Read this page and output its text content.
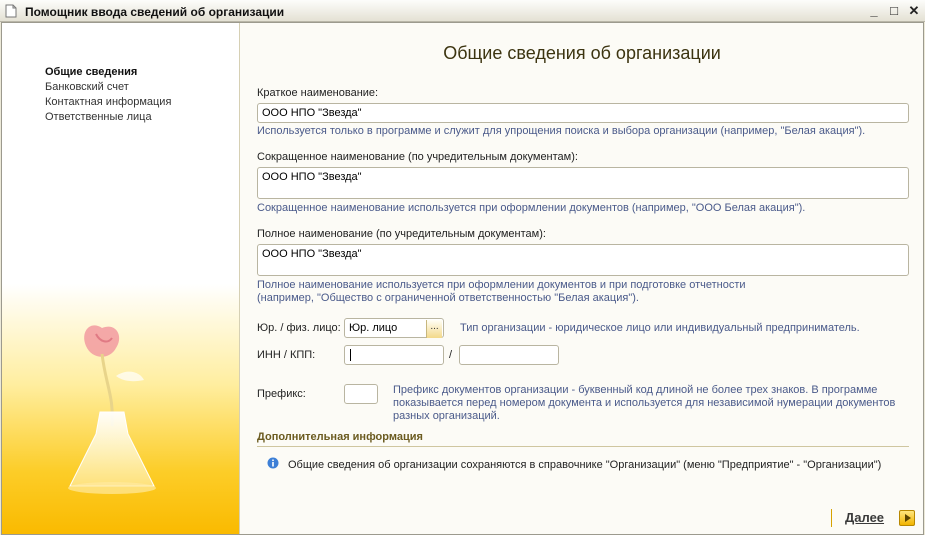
Помощник ввода сведений об организации	_ □ ✕
Общие сведения
Банковский счет
Контактная информация
Ответственные лица
Общие сведения об организации
Краткое наименование:
ООО НПО "Звезда"
Используется только в программе и служит для упрощения поиска и выбора организации (например, "Белая акация").
Сокращенное наименование (по учредительным документам):
ООО НПО "Звезда"
Сокращенное наименование используется при оформлении документов (например, "ООО Белая акация").
Полное наименование (по учредительным документам):
ООО НПО "Звезда"
Полное наименование используется при оформлении документов и при подготовке отчетности
(например, "Общество с ограниченной ответственностью "Белая акация").
Юр. / физ. лицо: Юр. лицо	...	Тип организации - юридическое лицо или индивидуальный предприниматель.
ИНН / КПП:	/
Префикс:	Префикс документов организации - буквенный код длиной не более трех знаков. В программе
показывается перед номером документа и используется для независимой нумерации документов
разных организаций.
Дополнительная информация
Общие сведения об организации сохраняются в справочнике "Организации" (меню "Предприятие" - "Организации")
Далее
